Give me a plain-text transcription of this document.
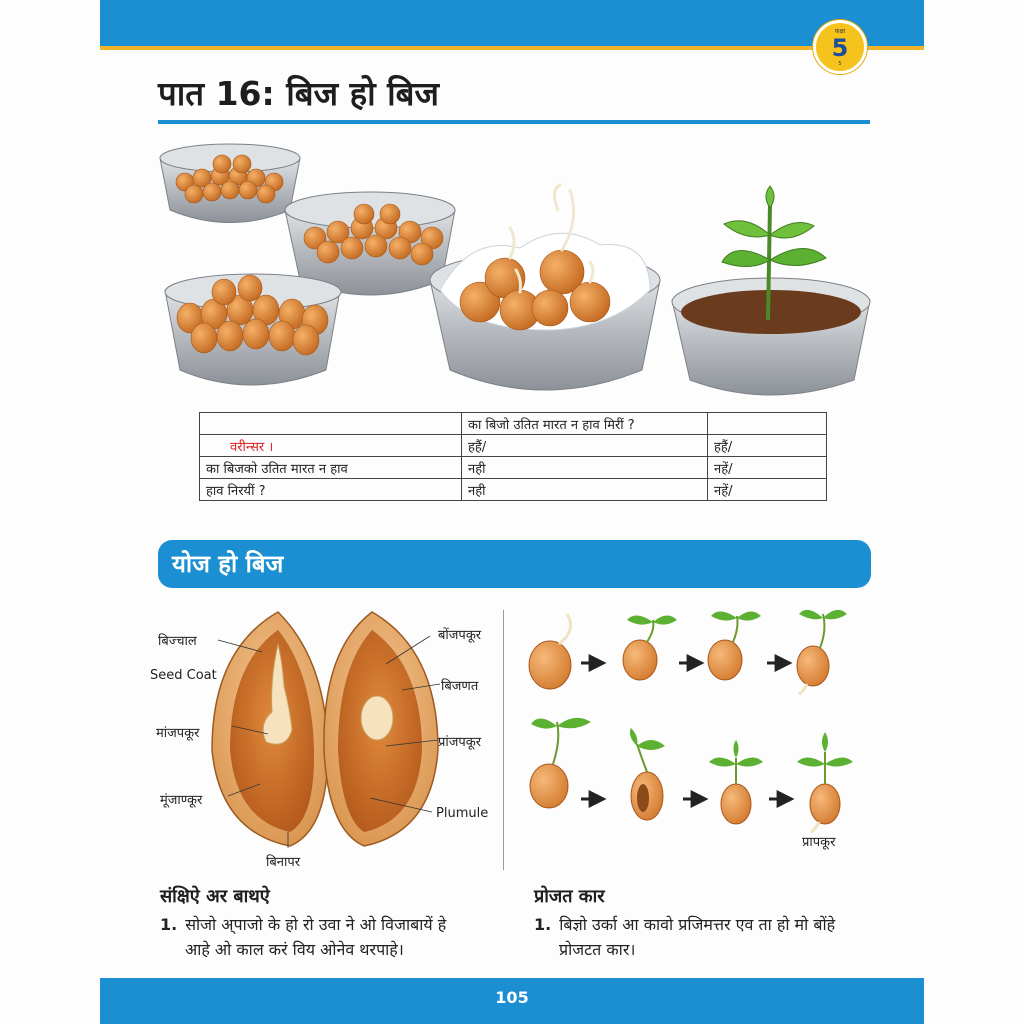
कक्षा
5
5
पात 16: बिज हो बिज
	का बिजो उतित मारत न हाव मिरीं ?	
वरीन्सर ।	हहैं/	हहैं/
का बिजको उतित मारत न हाव	नही	नहें/
हाव निरयीं ?	नही	नहें/
योज हो बिज
बिज्चाल
Seed Coat
मांजपकूर
मूंजाण्कूर
बिनापर
बोंजपकूर
बिजणत
प्रांजपकूर
Plumule
प्रापकूर
संक्षिऐ अर बाथऐ
1. सोजो अ्पाजो के हो रो उवा ने ओ विजाबायें हे
आहे ओ काल करं विय ओनेव थरपाहे।
प्रोजत कार
1. बिज्ञो उर्का आ कावो प्रजिमत्तर एव ता हो मो बोंहे
प्रोजटत कार।
105
